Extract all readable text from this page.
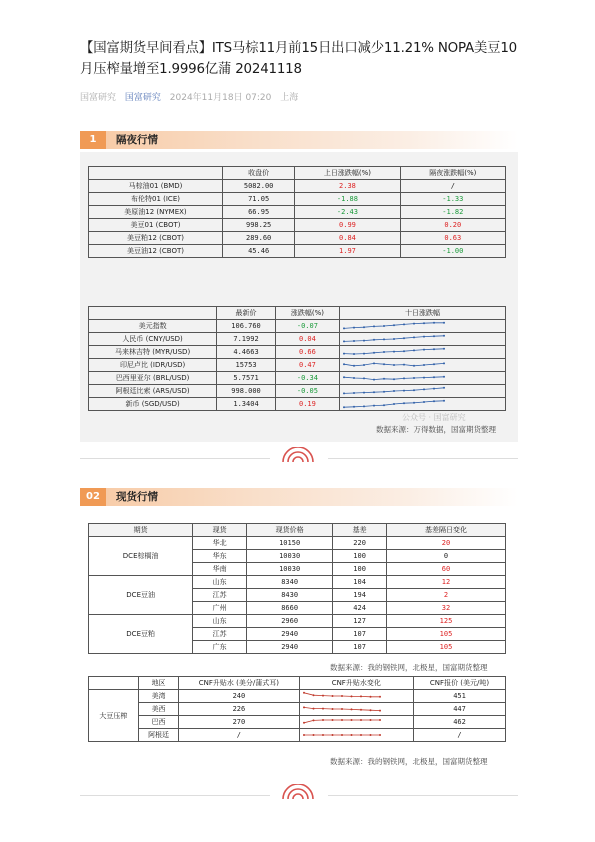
【国富期货早间看点】ITS马棕11月前15日出口减少11.21% NOPA美豆10月压榨量增至1.9996亿蒲 20241118
国富研究 国富研究 2024年11月18日 07:20 上海
1	隔夜行情
	收盘价	上日涨跌幅(%)	隔夜涨跌幅(%)
马棕油01 (BMD)	5082.00	2.38	/
布伦特01 (ICE)	71.05	-1.88	-1.33
美原油12 (NYMEX)	66.95	-2.43	-1.82
美豆01 (CBOT)	998.25	0.99	0.20
美豆粕12 (CBOT)	289.60	0.84	0.63
美豆油12 (CBOT)	45.46	1.97	-1.00
	最新价	涨跌幅(%)	十日涨跌幅
美元指数	106.760	-0.07	

人民币 (CNY/USD)	7.1992	0.04	

马来林吉特 (MYR/USD)	4.4663	0.66	

印尼卢比 (IDR/USD)	15753	0.47	

巴西里亚尔 (BRL/USD)	5.7571	-0.34	

阿根廷比索 (ARS/USD)	998.000	-0.05	

新币 (SGD/USD)	1.3404	0.19	
数据来源：万得数据，国富期货整理
公众号 · 国富研究
02	现货行情
期货	现货	现货价格	基差	基差隔日变化
DCE棕榈油	华北	10150	220	20
	华东	10030	100	0
	华南	10030	100	60
DCE豆油	山东	8340	104	12
	江苏	8430	194	2
	广州	8660	424	32
DCE豆粕	山东	2960	127	125
	江苏	2940	107	105
	广东	2940	107	105
数据来源：我的钢铁网，北极星，国富期货整理
	地区	CNF升贴水 (美分/蒲式耳)	CNF升贴水变化	CNF报价 (美元/吨)
大豆压榨	美湾	240		451
	美西	226		447
	巴西	270		462
	阿根廷	/		/
数据来源：我的钢铁网，北极星，国富期货整理
